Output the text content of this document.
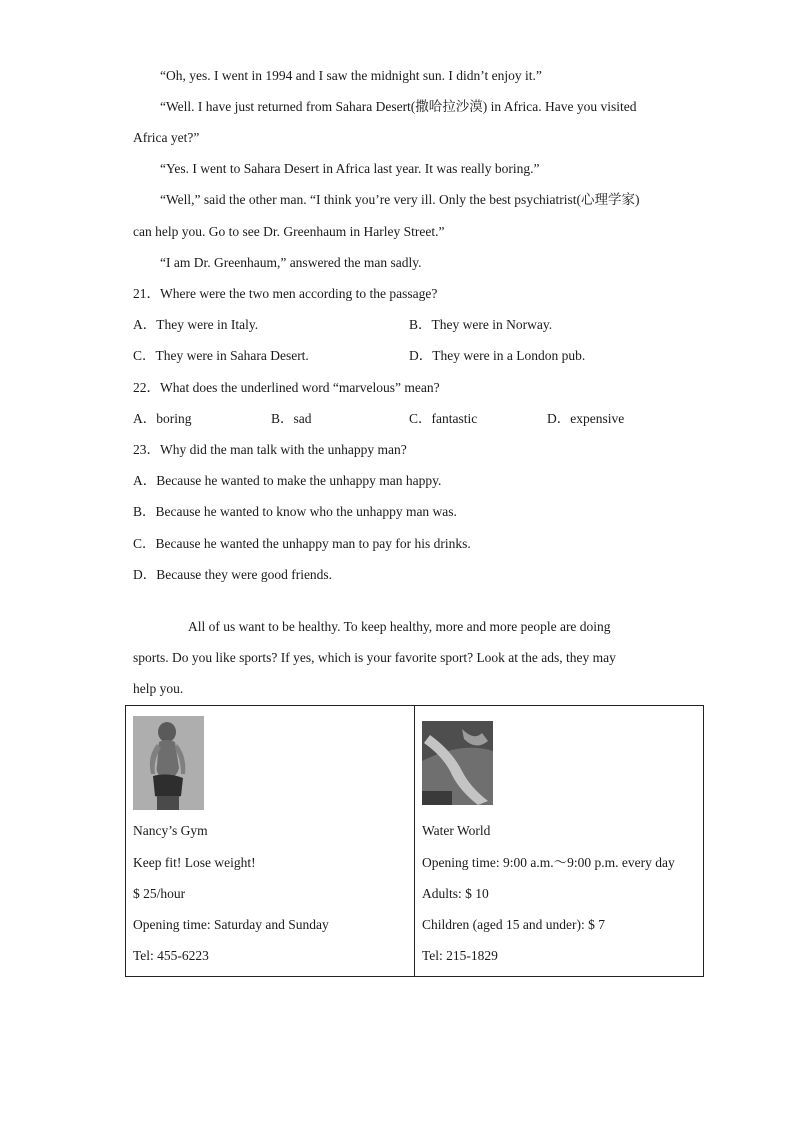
“Oh, yes. I went in 1994 and I saw the midnight sun. I didn’t enjoy it.”
“Well. I have just returned from Sahara Desert(撒哈拉沙漠) in Africa. Have you visited
Africa yet?”
“Yes. I went to Sahara Desert in Africa last year. It was really boring.”
“Well,” said the other man. “I think you’re very ill. Only the best psychiatrist(心理学家)
can help you. Go to see Dr. Greenhaum in Harley Street.”
“I am Dr. Greenhaum,” answered the man sadly.
21．Where were the two men according to the passage?
A．They were in Italy.	B．They were in Norway.
C．They were in Sahara Desert.	D．They were in a London pub.
22．What does the underlined word “marvelous” mean?
A．boring	B．sad	C．fantastic	D．expensive
23．Why did the man talk with the unhappy man?
A．Because he wanted to make the unhappy man happy.
B．Because he wanted to know who the unhappy man was.
C．Because he wanted the unhappy man to pay for his drinks.
D．Because they were good friends.
All of us want to be healthy. To keep healthy, more and more people are doing
sports. Do you like sports? If yes, which is your favorite sport? Look at the ads, they may
help you.
Nancy’s Gym
Keep fit! Lose weight!
$ 25/hour
Opening time: Saturday and Sunday
Tel: 455-6223

Water World
Opening time: 9:00 a.m.～9:00 p.m. every day
Adults: $ 10
Children (aged 15 and under): $ 7
Tel: 215-1829
